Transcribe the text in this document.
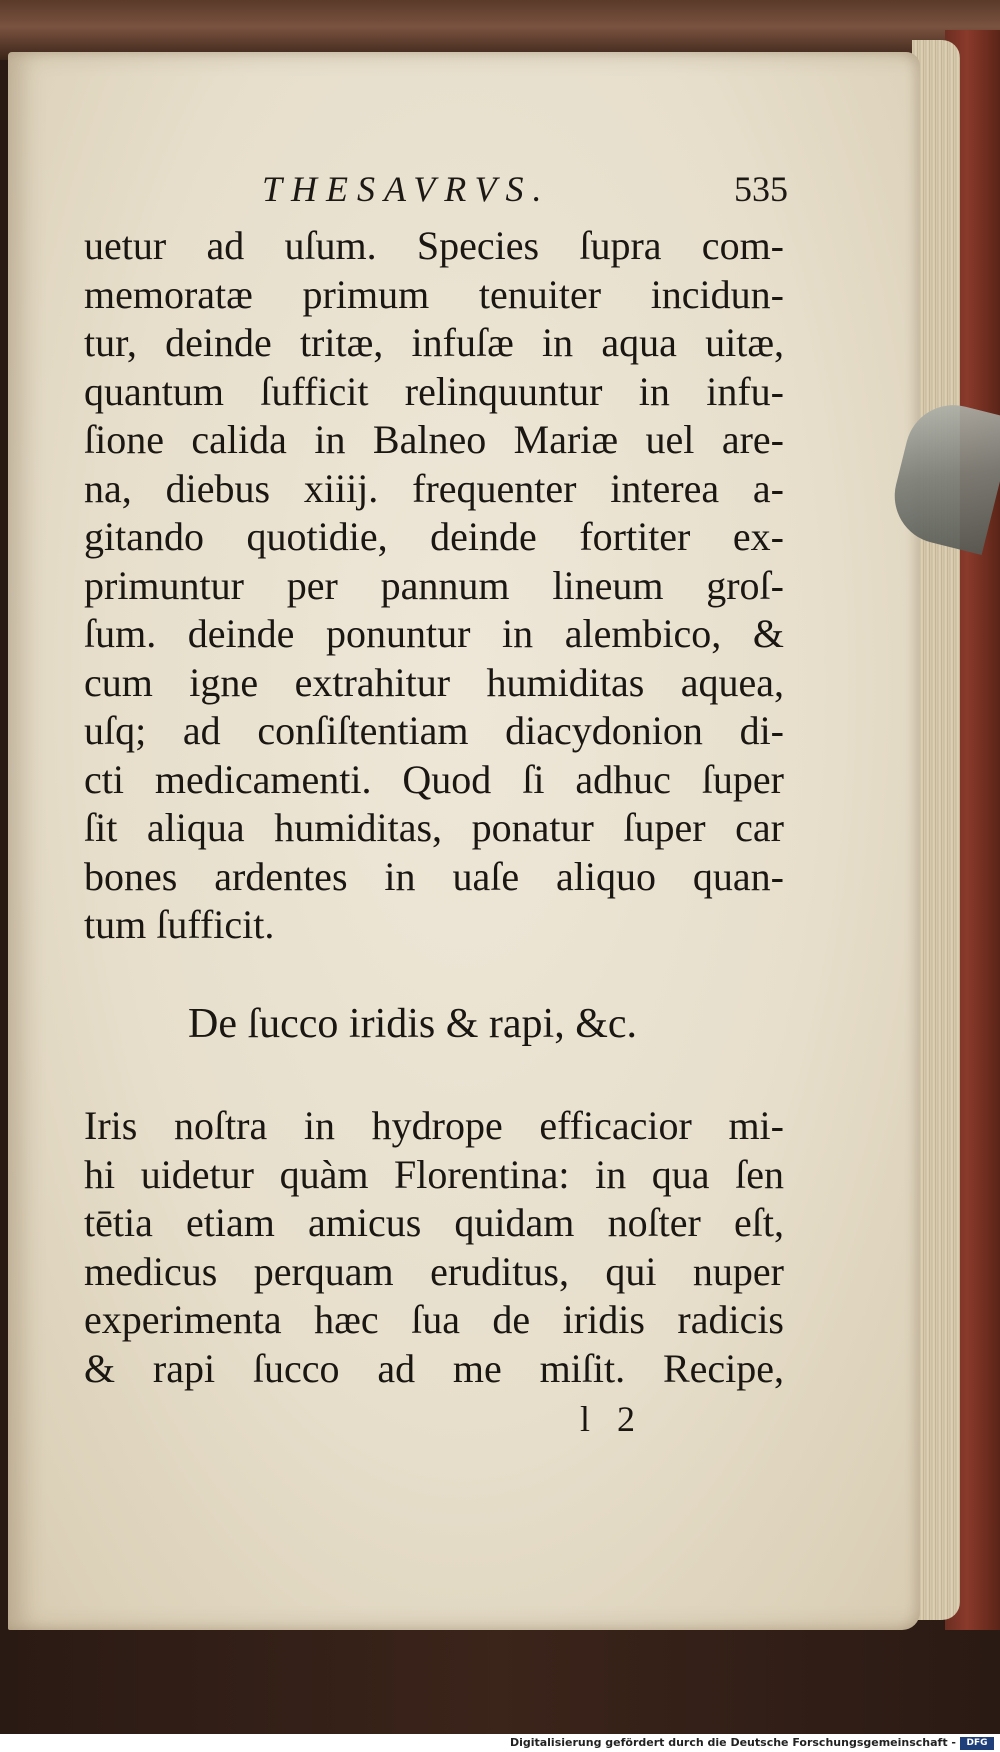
THESAVRVS.	535
uetur ad uſum. Species ſupra com-
memoratæ primum tenuiter incidun-
tur, deinde tritæ, infuſæ in aqua uitæ,
quantum ſufficit relinquuntur in infu-
ſione calida in Balneo Mariæ uel are-
na, diebus xiiij. frequenter interea a-
gitando quotidie, deinde fortiter ex-
primuntur per pannum lineum groſ-
ſum. deinde ponuntur in alembico, &
cum igne extrahitur humiditas aquea,
uſq; ad conſiſtentiam diacydonion di-
cti medicamenti. Quod ſi adhuc ſuper
ſit aliqua humiditas, ponatur ſuper car
bones ardentes in uaſe aliquo quan-
tum ſufficit.
De ſucco iridis & rapi, &c.
Iris noſtra in hydrope efficacior mi-
hi uidetur quàm Florentina: in qua ſen
tētia etiam amicus quidam noſter eſt,
medicus perquam eruditus, qui nuper
experimenta hæc ſua de iridis radicis
& rapi ſucco ad me miſit. Recipe,
l 2
Digitalisierung gefördert durch die Deutsche Forschungsgemeinschaft -	DFG
